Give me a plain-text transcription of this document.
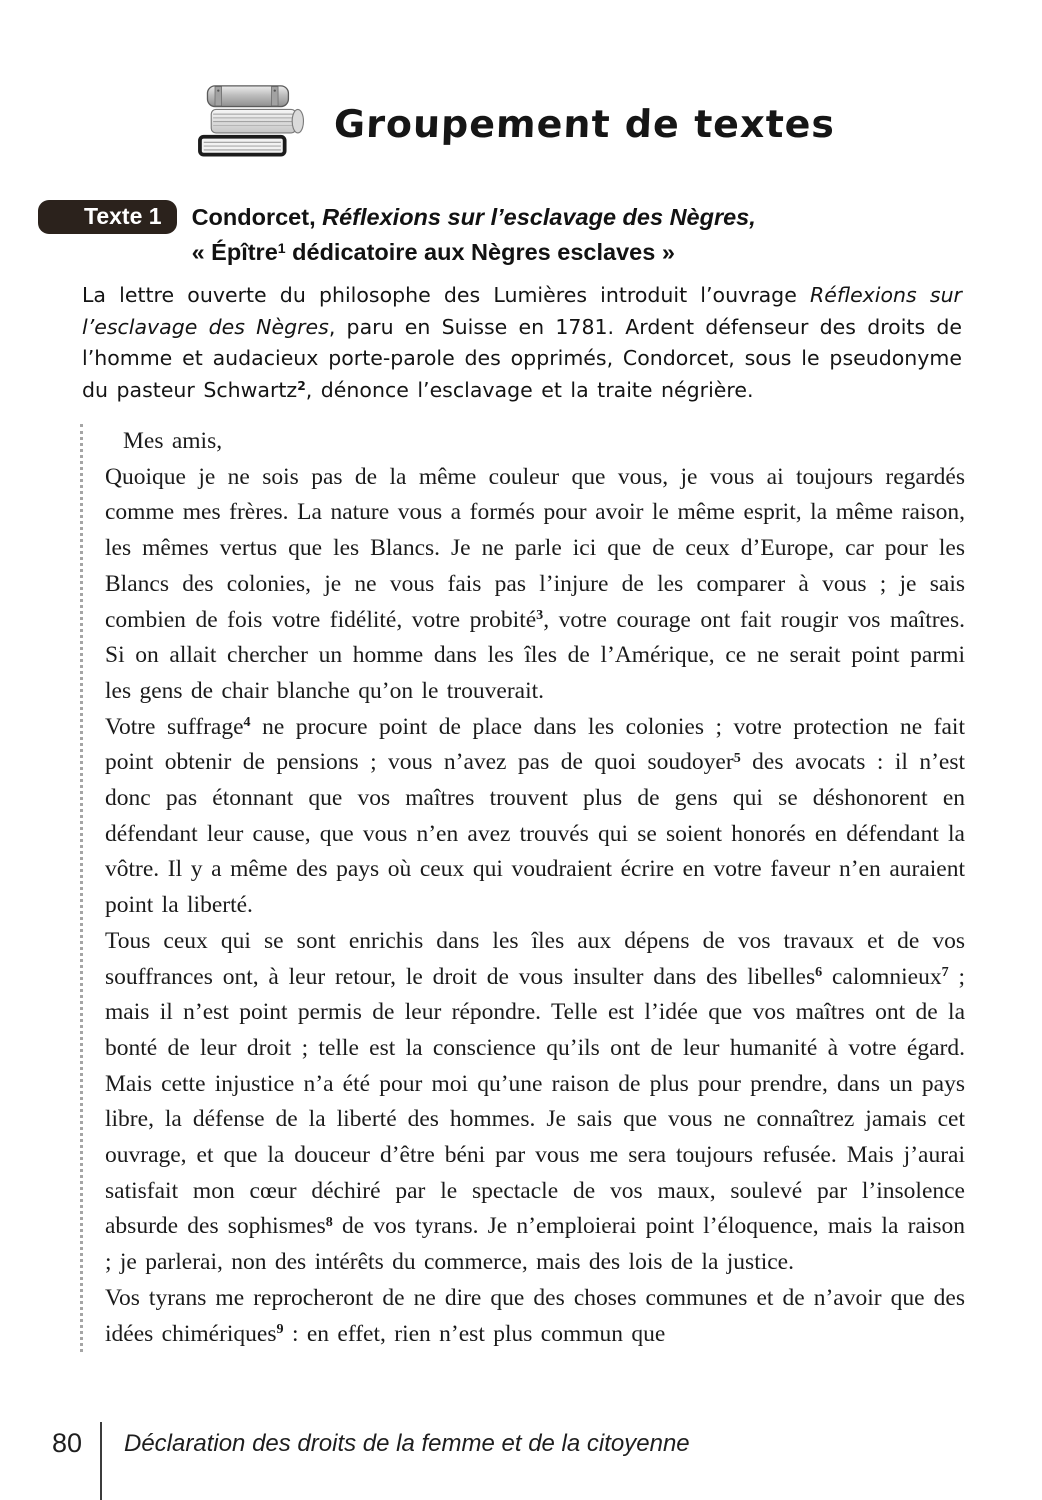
Groupement de textes
Texte 1	Condorcet, Réflexions sur l’esclavage des Nègres,
« Épître$^1$ dédicatoire aux Nègres esclaves »
La lettre ouverte du philosophe des Lumières introduit l’ouvrage Réflexions sur l’esclavage des Nègres, paru en Suisse en 1781. Ardent défenseur des droits de l’homme et audacieux porte-parole des opprimés, Condorcet, sous le pseudonyme du pasteur Schwartz$^2$, dénonce l’esclavage et la traite négrière.

Mes amis,

Quoique je ne sois pas de la même couleur que vous, je vous ai toujours regardés comme mes frères. La nature vous a formés pour avoir le même esprit, la même raison, les mêmes vertus que les Blancs. Je ne parle ici que de ceux d’Europe, car pour les Blancs des colonies, je ne vous fais pas l’injure de les comparer à vous ; je sais combien de fois votre fidélité, votre probité$^3$, votre courage ont fait rougir vos maîtres. Si on allait chercher un homme dans les îles de l’Amérique, ce ne serait point parmi les gens de chair blanche qu’on le trouverait.

Votre suffrage$^4$ ne procure point de place dans les colonies ; votre protection ne fait point obtenir de pensions ; vous n’avez pas de quoi soudoyer$^5$ des avocats : il n’est donc pas étonnant que vos maîtres trouvent plus de gens qui se déshonorent en défendant leur cause, que vous n’en avez trouvés qui se soient honorés en défendant la vôtre. Il y a même des pays où ceux qui voudraient écrire en votre faveur n’en auraient point la liberté.

Tous ceux qui se sont enrichis dans les îles aux dépens de vos travaux et de vos souffrances ont, à leur retour, le droit de vous insulter dans des libelles$^6$ calomnieux$^7$ ; mais il n’est point permis de leur répondre. Telle est l’idée que vos maîtres ont de la bonté de leur droit ; telle est la conscience qu’ils ont de leur humanité à votre égard. Mais cette injustice n’a été pour moi qu’une raison de plus pour prendre, dans un pays libre, la défense de la liberté des hommes. Je sais que vous ne connaîtrez jamais cet ouvrage, et que la douceur d’être béni par vous me sera toujours refusée. Mais j’aurai satisfait mon cœur déchiré par le spectacle de vos maux, soulevé par l’insolence absurde des sophismes$^8$ de vos tyrans. Je n’emploierai point l’éloquence, mais la raison ; je parlerai, non des intérêts du commerce, mais des lois de la justice.

Vos tyrans me reprocheront de ne dire que des choses communes et de n’avoir que des idées chimériques$^9$ : en effet, rien n’est plus commun que

80 Déclaration des droits de la femme et de la citoyenne
